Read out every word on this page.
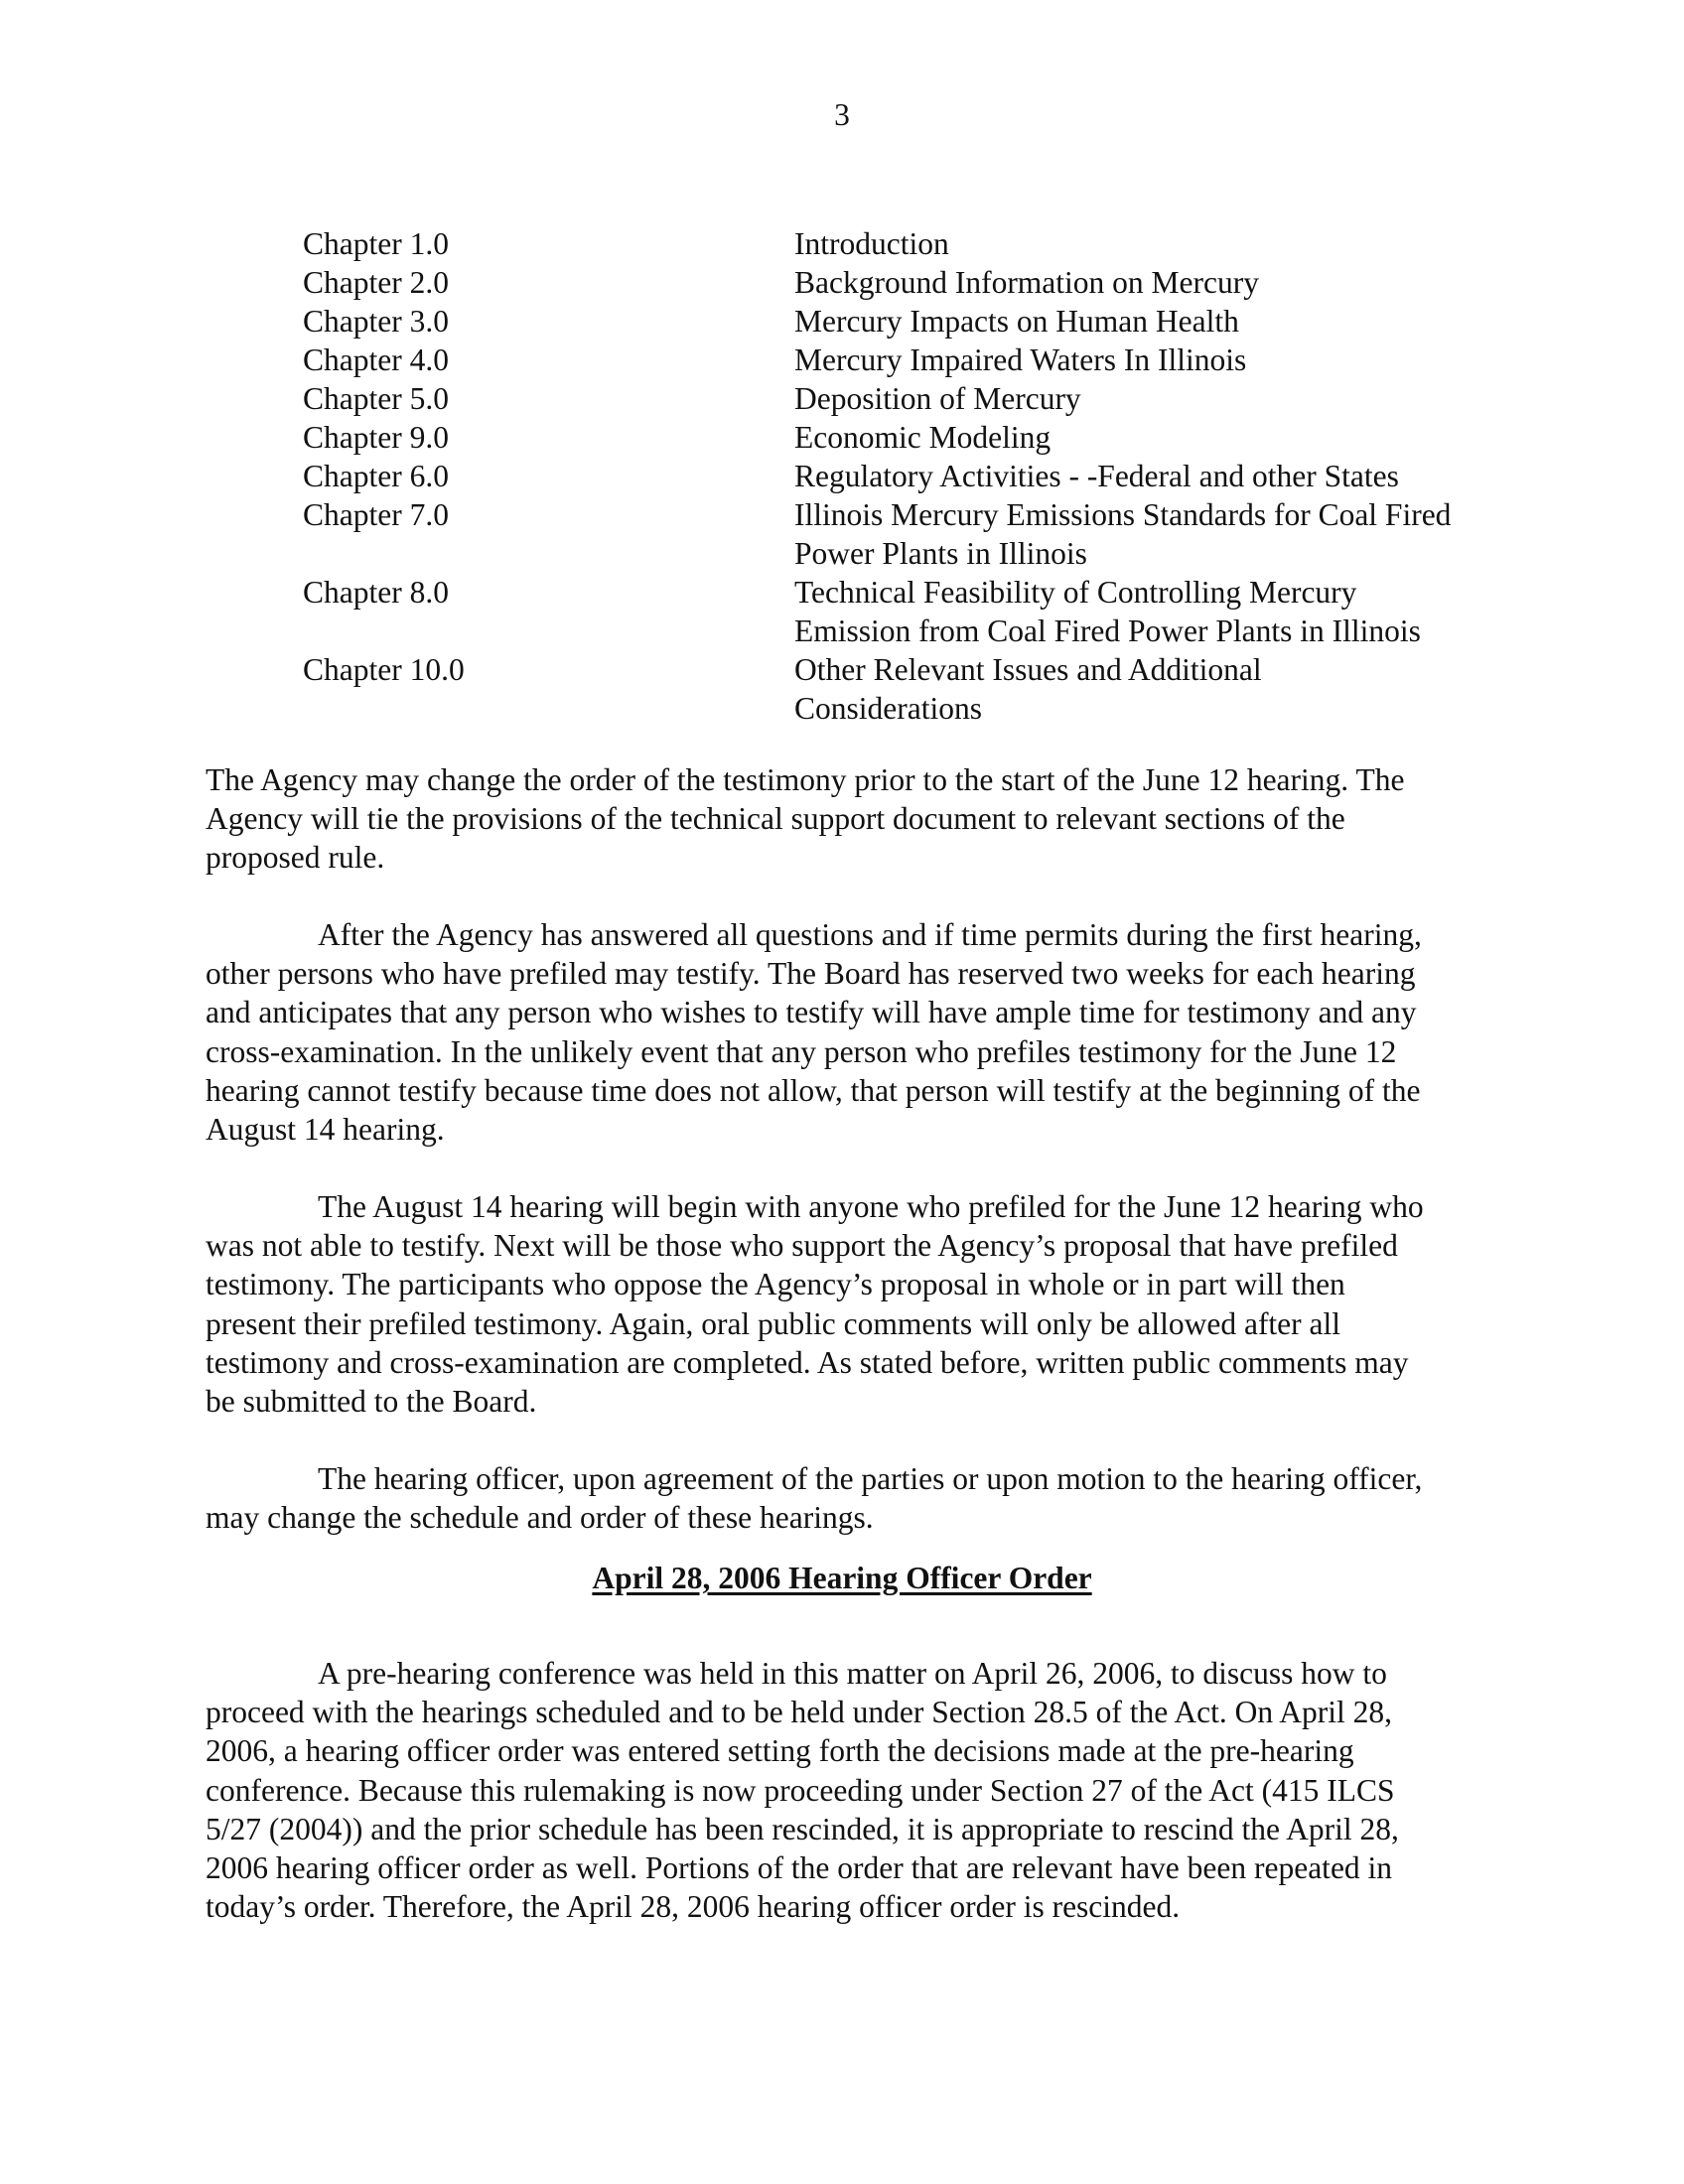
3
Chapter 1.0	Introduction
Chapter 2.0	Background Information on Mercury
Chapter 3.0	Mercury Impacts on Human Health
Chapter 4.0	Mercury Impaired Waters In Illinois
Chapter 5.0	Deposition of Mercury
Chapter 9.0	Economic Modeling
Chapter 6.0	Regulatory Activities - -Federal and other States
Chapter 7.0	Illinois Mercury Emissions Standards for Coal Fired
Power Plants in Illinois
Chapter 8.0	Technical Feasibility of Controlling Mercury
Emission from Coal Fired Power Plants in Illinois
Chapter 10.0	Other Relevant Issues and Additional
Considerations
The Agency may change the order of the testimony prior to the start of the June 12 hearing. The
Agency will tie the provisions of the technical support document to relevant sections of the
proposed rule.
After the Agency has answered all questions and if time permits during the first hearing,
other persons who have prefiled may testify. The Board has reserved two weeks for each hearing
and anticipates that any person who wishes to testify will have ample time for testimony and any
cross-examination. In the unlikely event that any person who prefiles testimony for the June 12
hearing cannot testify because time does not allow, that person will testify at the beginning of the
August 14 hearing.
The August 14 hearing will begin with anyone who prefiled for the June 12 hearing who
was not able to testify. Next will be those who support the Agency’s proposal that have prefiled
testimony. The participants who oppose the Agency’s proposal in whole or in part will then
present their prefiled testimony. Again, oral public comments will only be allowed after all
testimony and cross-examination are completed. As stated before, written public comments may
be submitted to the Board.
The hearing officer, upon agreement of the parties or upon motion to the hearing officer,
may change the schedule and order of these hearings.
April 28, 2006 Hearing Officer Order
A pre-hearing conference was held in this matter on April 26, 2006, to discuss how to
proceed with the hearings scheduled and to be held under Section 28.5 of the Act. On April 28,
2006, a hearing officer order was entered setting forth the decisions made at the pre-hearing
conference. Because this rulemaking is now proceeding under Section 27 of the Act (415 ILCS
5/27 (2004)) and the prior schedule has been rescinded, it is appropriate to rescind the April 28,
2006 hearing officer order as well. Portions of the order that are relevant have been repeated in
today’s order. Therefore, the April 28, 2006 hearing officer order is rescinded.
